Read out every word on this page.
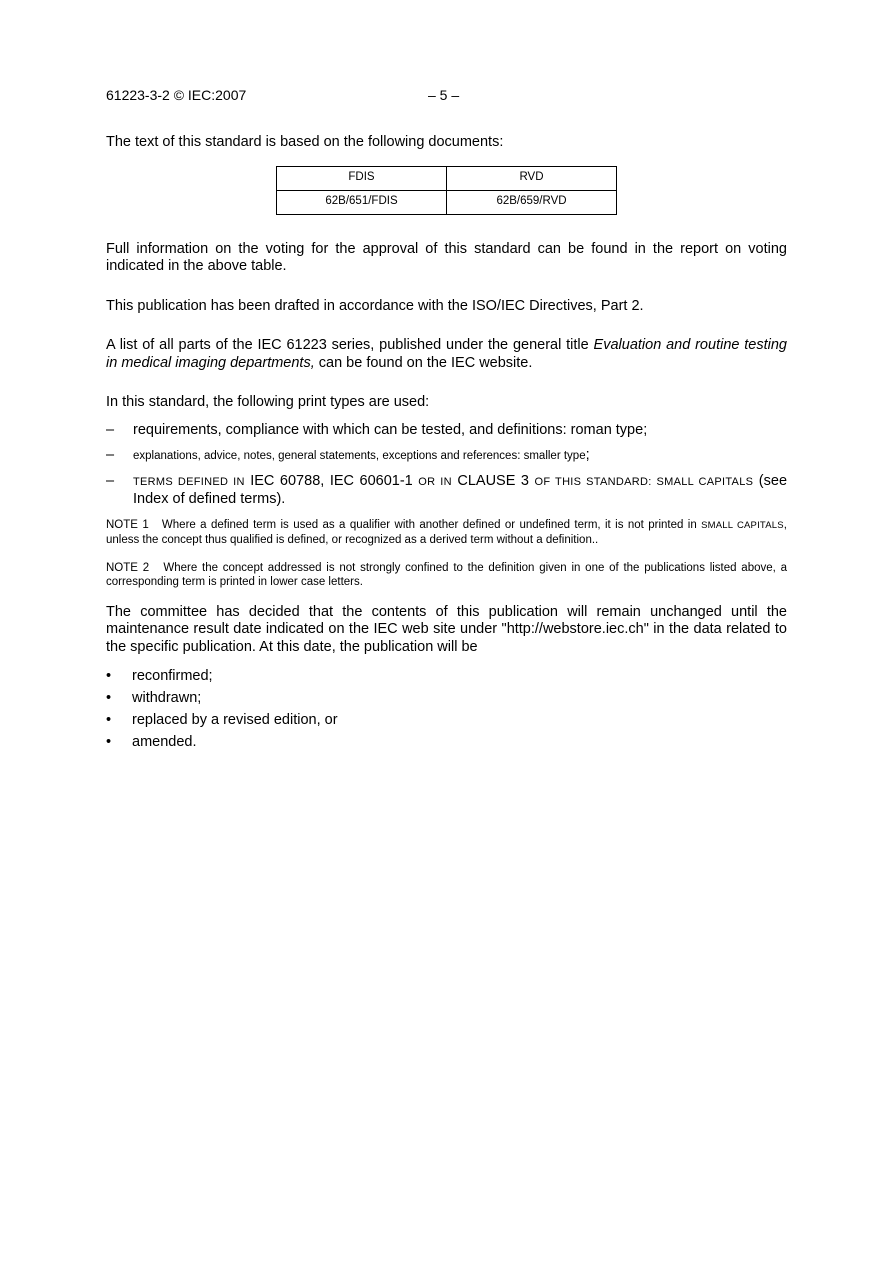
61223-3-2 © IEC:2007	– 5 –

The text of this standard is based on the following documents:

FDIS	RVD
62B/651/FDIS	62B/659/RVD

Full information on the voting for the approval of this standard can be found in the report on voting indicated in the above table.

This publication has been drafted in accordance with the ISO/IEC Directives, Part 2.

A list of all parts of the IEC 61223 series, published under the general title Evaluation and routine testing in medical imaging departments, can be found on the IEC website.

In this standard, the following print types are used:

– requirements, compliance with which can be tested, and definitions: roman type;
– explanations, advice, notes, general statements, exceptions and references: smaller type;
– TERMS DEFINED IN IEC 60788, IEC 60601-1 OR IN CLAUSE 3 OF THIS STANDARD: SMALL CAPITALS (see Index of defined terms).

NOTE 1 Where a defined term is used as a qualifier with another defined or undefined term, it is not printed in SMALL CAPITALS, unless the concept thus qualified is defined, or recognized as a derived term without a definition..

NOTE 2 Where the concept addressed is not strongly confined to the definition given in one of the publications listed above, a corresponding term is printed in lower case letters.

The committee has decided that the contents of this publication will remain unchanged until the maintenance result date indicated on the IEC web site under "http://webstore.iec.ch" in the data related to the specific publication. At this date, the publication will be

• reconfirmed;
• withdrawn;
• replaced by a revised edition, or
• amended.
